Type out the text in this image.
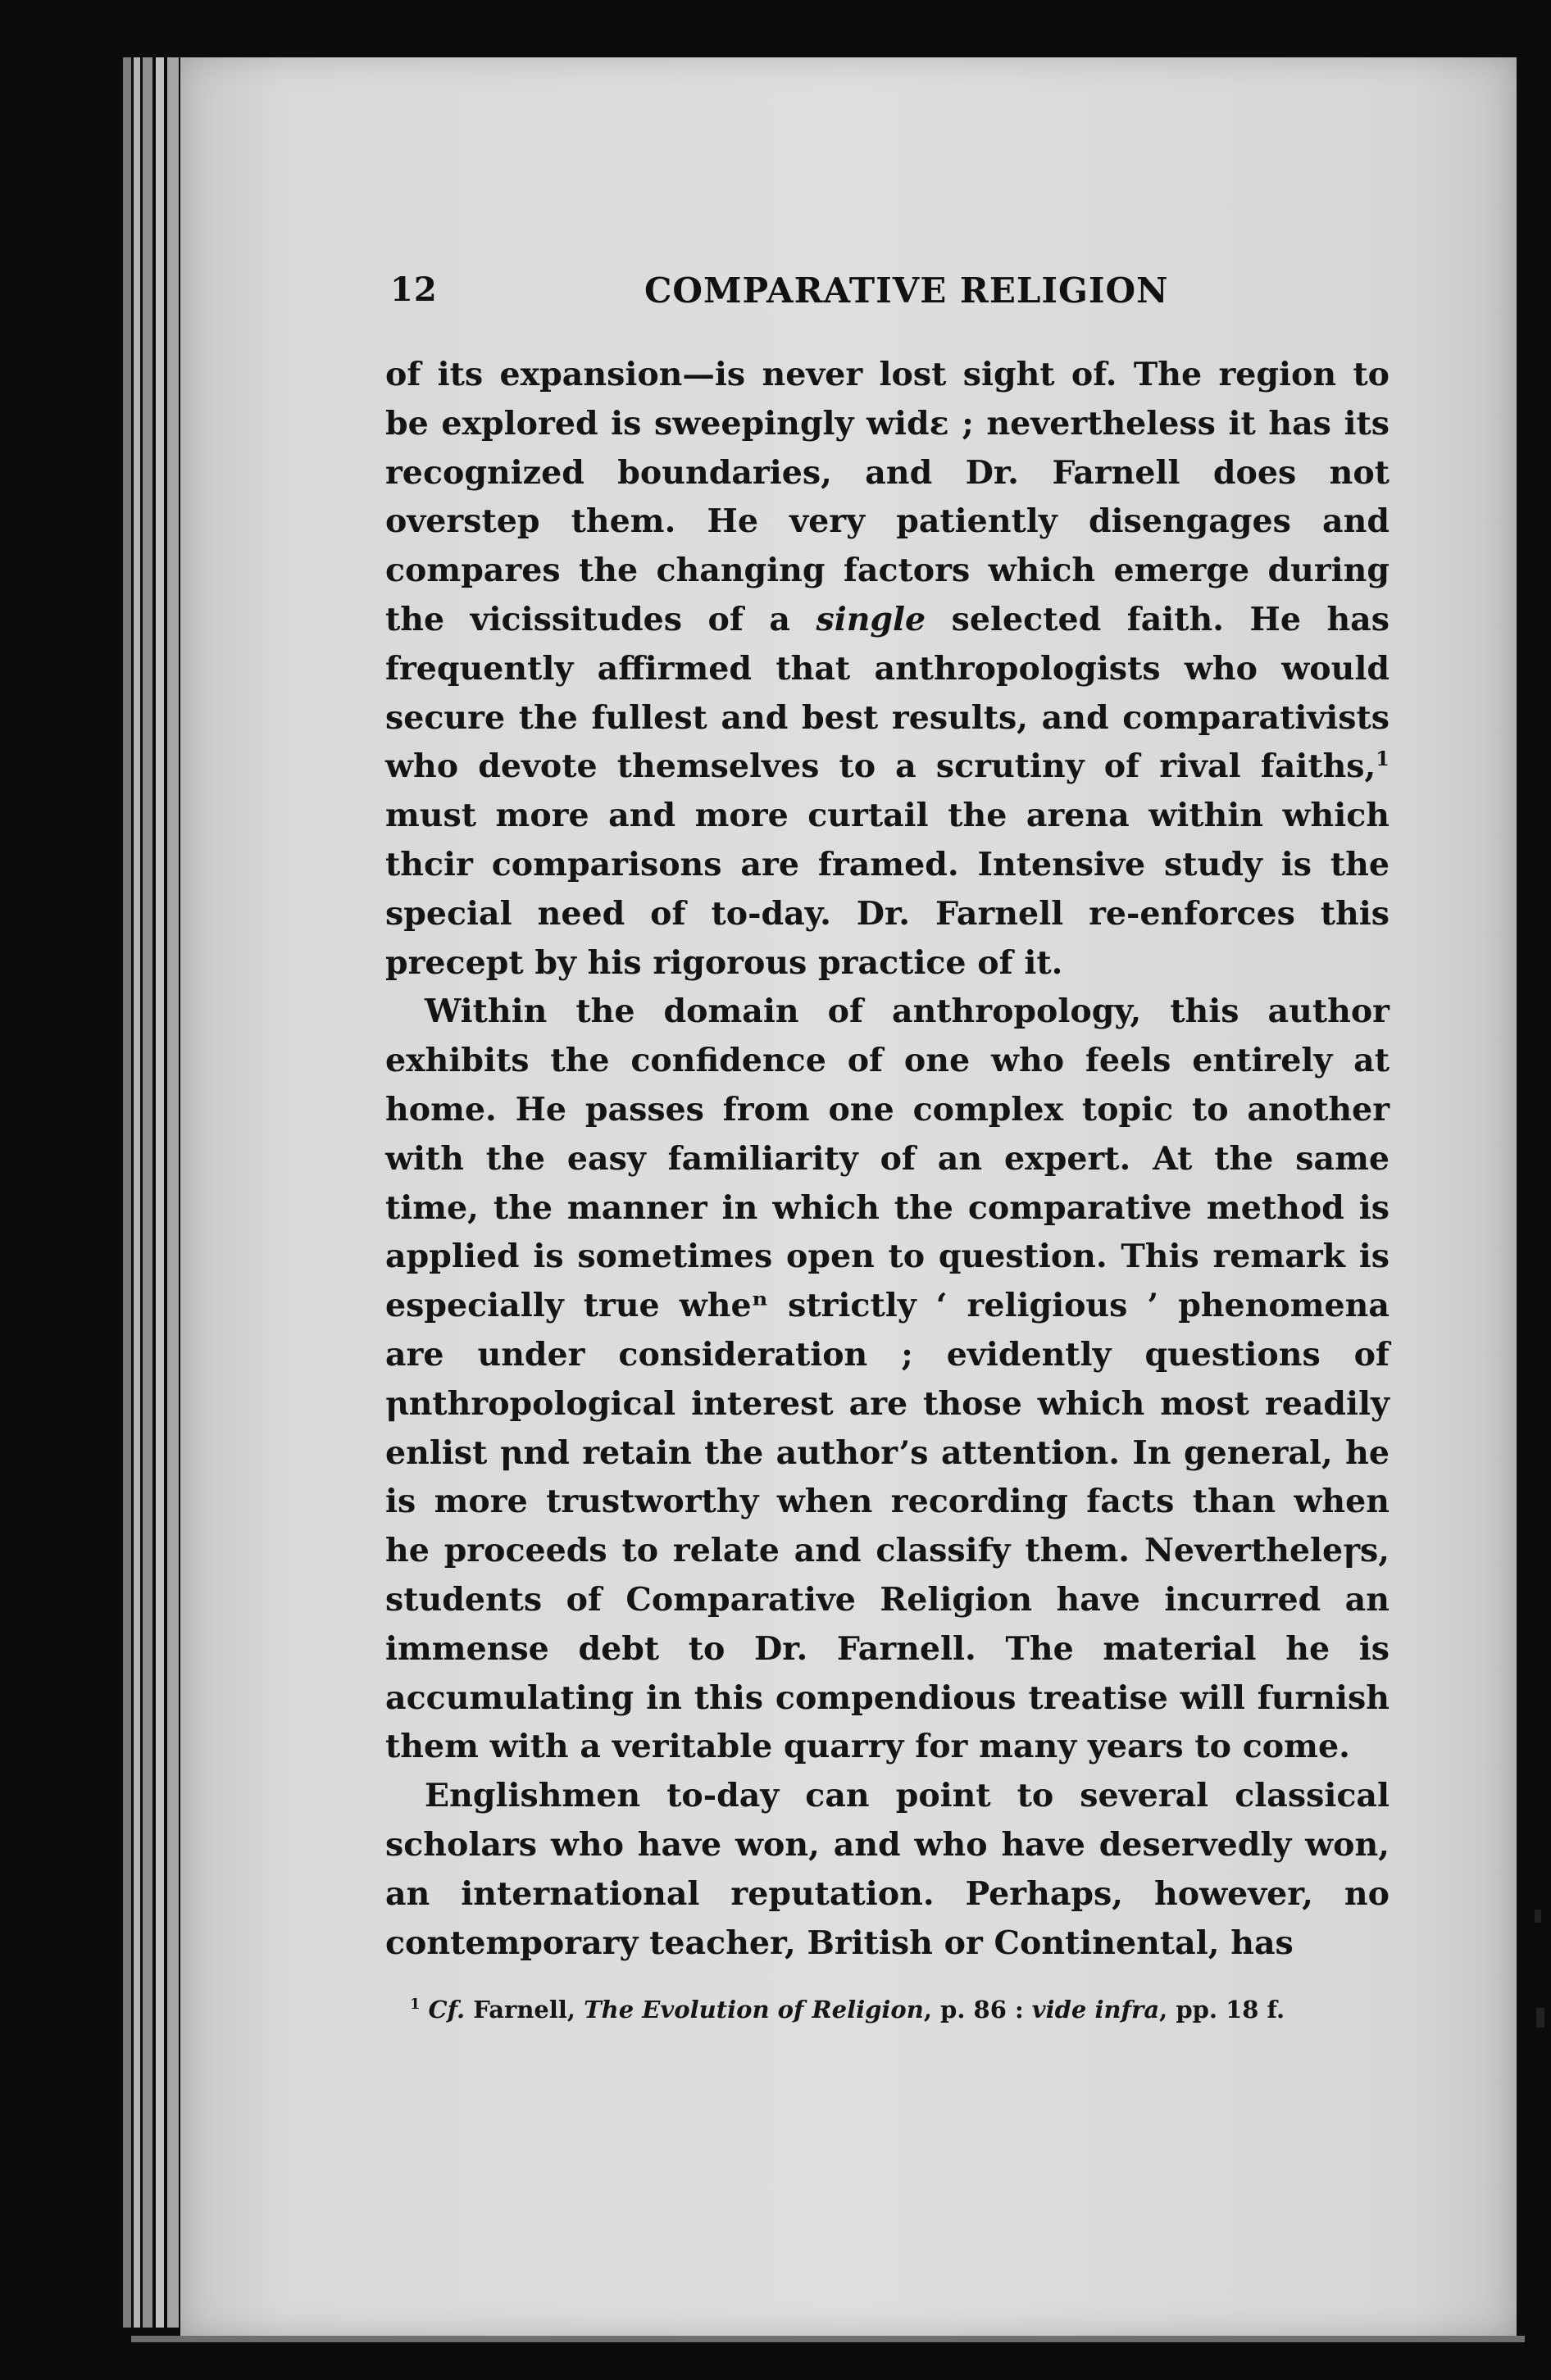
12	COMPARATIVE RELIGION

of its expansion—is never lost sight of. The region to be explored is sweepingly widε ; nevertheless it has its recognized boundaries, and Dr. Farnell does not overstep them. He very patiently disengages and compares the changing factors which emerge during the vicissitudes of a single selected faith. He has frequently affirmed that anthropologists who would secure the fullest and best results, and comparativists who devote themselves to a scrutiny of rival faiths,$^1$ must more and more curtail the arena within which thcir comparisons are framed. Intensive study is the special need of to-day. Dr. Farnell re-enforces this precept by his rigorous practice of it.

Within the domain of anthropology, this author exhibits the confidence of one who feels entirely at home. He passes from one complex topic to another with the easy familiarity of an expert. At the same time, the manner in which the comparative method is applied is sometimes open to question. This remark is especially true wheⁿ strictly ‘ religious ’ phenomena are under consideration ; evidently questions of ꞃnthropological interest are those which most readily enlist ꞃnd retain the author’s attention. In general, he is more trustworthy when recording facts than when he proceeds to relate and classify them. Nevertheleꞅs, students of Comparative Religion have incurred an immense debt to Dr. Farnell. The material he is accumulating in this compendious treatise will furnish them with a veritable quarry for many years to come.

Englishmen to-day can point to several classical scholars who have won, and who have deservedly won, an international reputation. Perhaps, however, no contemporary teacher, British or Continental, has

$^1$ Cf. Farnell, The Evolution of Religion, p. 86 : vide infra, pp. 18 f.
